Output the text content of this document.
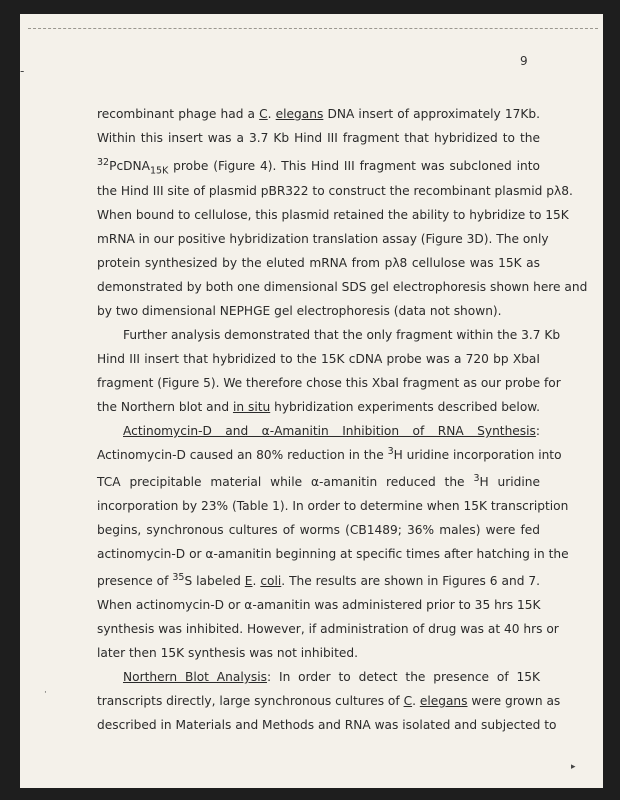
9
recombinant phage had a C. elegans DNA insert of approximately 17Kb.
Within this insert was a 3.7 Kb Hind III fragment that hybridized to the
$^{32}$PcDNA$_{15K}$ probe (Figure 4). This Hind III fragment was subcloned into
the Hind III site of plasmid pBR322 to construct the recombinant plasmid pλ8.
When bound to cellulose, this plasmid retained the ability to hybridize to 15K
mRNA in our positive hybridization translation assay (Figure 3D). The only
protein synthesized by the eluted mRNA from pλ8 cellulose was 15K as
demonstrated by both one dimensional SDS gel electrophoresis shown here and
by two dimensional NEPHGE gel electrophoresis (data not shown).
Further analysis demonstrated that the only fragment within the 3.7 Kb
Hind III insert that hybridized to the 15K cDNA probe was a 720 bp XbaI
fragment (Figure 5). We therefore chose this XbaI fragment as our probe for
the Northern blot and in situ hybridization experiments described below.
Actinomycin-D and α-Amanitin Inhibition of RNA Synthesis:
Actinomycin-D caused an 80% reduction in the $^3$H uridine incorporation into
TCA precipitable material while α-amanitin reduced the $^3$H uridine
incorporation by 23% (Table 1). In order to determine when 15K transcription
begins, synchronous cultures of worms (CB1489; 36% males) were fed
actinomycin-D or α-amanitin beginning at specific times after hatching in the
presence of $^{35}$S labeled E. coli. The results are shown in Figures 6 and 7.
When actinomycin-D or α-amanitin was administered prior to 35 hrs 15K
synthesis was inhibited. However, if administration of drug was at 40 hrs or
later then 15K synthesis was not inhibited.
Northern Blot Analysis: In order to detect the presence of 15K
transcripts directly, large synchronous cultures of C. elegans were grown as
described in Materials and Methods and RNA was isolated and subjected to
-
·
▸
